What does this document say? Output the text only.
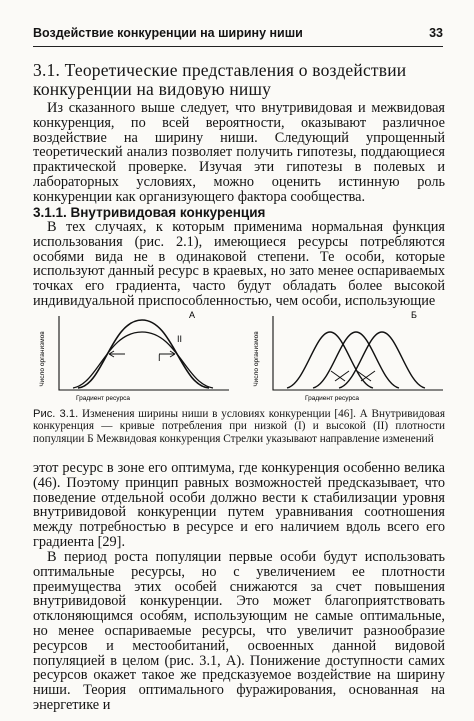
Воздействие конкуренции на ширину ниши	33
3.1. Теоретические представления о воздействии конкуренции на видовую нишу

Из сказанного выше следует, что внутривидовая и межвидовая конкуренция, по всей вероятности, оказывают различное воздействие на ширину ниши. Следующий упрощенный теоретический анализ позволяет получить гипотезы, поддающиеся практической проверке. Изучая эти гипотезы в полевых и лабораторных условиях, можно оценить истинную роль конкуренции как организующего фактора сообщества.

3.1.1. Внутривидовая конкуренция

В тех случаях, к которым применима нормальная функция использования (рис. 2.1), имеющиеся ресурсы потребляются особями вида не в одинаковой степени. Те особи, которые используют данный ресурс в краевых, но зато менее оспариваемых точках его градиента, часто будут обладать более высокой индивидуальной приспособленностью, чем особи, использующие

Число организмов	I
II
А
Градиент ресурса
Число организмов
Б
Градиент ресурса

Рис. 3.1. Изменения ширины ниши в условиях конкуренции [46]. А Внутривидовая конкуренция — кривые потребления при низкой (I) и высокой (II) плотности популяции Б Межвидовая конкуренция Стрелки указывают направление изменений

этот ресурс в зоне его оптимума, где конкуренция особенно велика (46). Поэтому принцип равных возможностей предсказывает, что поведение отдельной особи должно вести к стабилизации уровня внутривидовой конкуренции путем уравнивания соотношения между потребностью в ресурсе и его наличием вдоль всего его градиента [29].

В период роста популяции первые особи будут использовать оптимальные ресурсы, но с увеличением ее плотности преимущества этих особей снижаются за счет повышения внутривидовой конкуренции. Это может благоприятствовать отклоняющимся особям, использующим не самые оптимальные, но менее оспариваемые ресурсы, что увеличит разнообразие ресурсов и местообитаний, освоенных данной видовой популяцией в целом (рис. 3.1, А). Понижение доступности самих ресурсов окажет такое же предсказуемое воздействие на ширину ниши. Теория оптимального фуражирования, основанная на энергетике и
